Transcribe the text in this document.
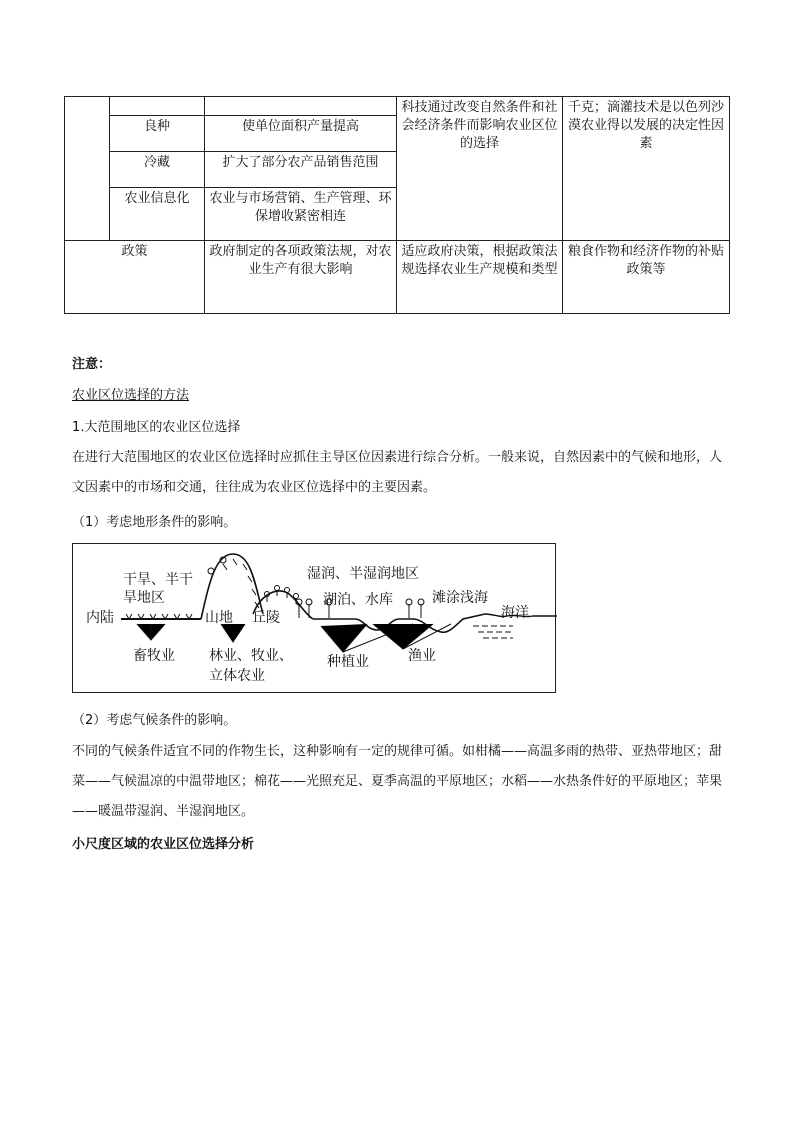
			科技通过改变自然条件和社会经济条件而影响农业区位的选择	千克；滴灌技术是以色列沙漠农业得以发展的决定性因素
	良种	使单位面积产量提高		
	冷藏	扩大了部分农产品销售范围		
	农业信息化	农业与市场营销、生产管理、环保增收紧密相连		
政策		政府制定的各项政策法规，对农业生产有很大影响	适应政府决策，根据政策法规选择农业生产规模和类型	粮食作物和经济作物的补贴政策等
注意：
农业区位选择的方法
1.大范围地区的农业区位选择
在进行大范围地区的农业区位选择时应抓住主导区位因素进行综合分析。一般来说，自然因素中的气候和地形，人文因素中的市场和交通，往往成为农业区位选择中的主要因素。
（1）考虑地形条件的影响。
干旱、半干
旱地区
内陆	山地 丘陵
湿润、半湿润地区
湖泊、水库	滩涂浅海
海洋
畜牧业 林业、牧业、
立体农业
种植业	渔业
（2）考虑气候条件的影响。
不同的气候条件适宜不同的作物生长，这种影响有一定的规律可循。如柑橘——高温多雨的热带、亚热带地区；甜菜——气候温凉的中温带地区；棉花——光照充足、夏季高温的平原地区；水稻——水热条件好的平原地区；苹果——暖温带湿润、半湿润地区。
小尺度区域的农业区位选择分析
